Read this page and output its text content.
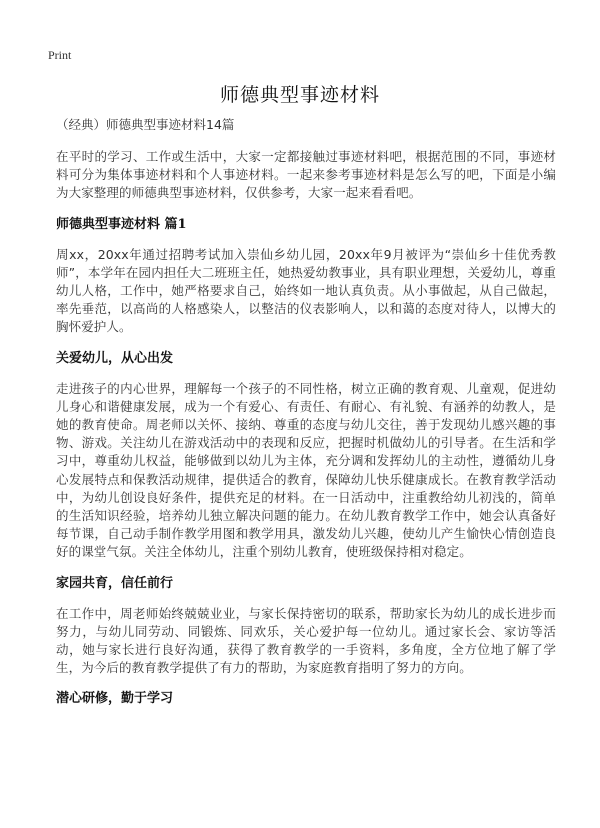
Print
师德典型事迹材料

（经典）师德典型事迹材料14篇

在平时的学习、工作或生活中，大家一定都接触过事迹材料吧，根据范围的不同，事迹材料可分为集体事迹材料和个人事迹材料。一起来参考事迹材料是怎么写的吧，下面是小编为大家整理的师德典型事迹材料，仅供参考，大家一起来看看吧。

师德典型事迹材料 篇1

周xx，20xx年通过招聘考试加入崇仙乡幼儿园，20xx年9月被评为“崇仙乡十佳优秀教师”，本学年在园内担任大二班班主任，她热爱幼教事业，具有职业理想，关爱幼儿，尊重幼儿人格，工作中，她严格要求自己，始终如一地认真负责。从小事做起，从自己做起，率先垂范，以高尚的人格感染人，以整洁的仪表影响人，以和蔼的态度对待人，以博大的胸怀爱护人。

关爱幼儿，从心出发

走进孩子的内心世界，理解每一个孩子的不同性格，树立正确的教育观、儿童观，促进幼儿身心和谐健康发展，成为一个有爱心、有责任、有耐心、有礼貌、有涵养的幼教人，是她的教育使命。周老师以关怀、接纳、尊重的态度与幼儿交往，善于发现幼儿感兴趣的事物、游戏。关注幼儿在游戏活动中的表现和反应，把握时机做幼儿的引导者。在生活和学习中，尊重幼儿权益，能够做到以幼儿为主体，充分调和发挥幼儿的主动性，遵循幼儿身心发展特点和保教活动规律，提供适合的教育，保障幼儿快乐健康成长。在教育教学活动中，为幼儿创设良好条件，提供充足的材料。在一日活动中，注重教给幼儿初浅的，简单的生活知识经验，培养幼儿独立解决问题的能力。在幼儿教育教学工作中，她会认真备好每节课，自己动手制作教学用图和教学用具，激发幼儿兴趣，使幼儿产生愉快心情创造良好的课堂气氛。关注全体幼儿，注重个别幼儿教育，使班级保持相对稳定。

家园共育，信任前行

在工作中，周老师始终兢兢业业，与家长保持密切的联系，帮助家长为幼儿的成长进步而努力，与幼儿同劳动、同锻炼、同欢乐，关心爱护每一位幼儿。通过家长会、家访等活动，她与家长进行良好沟通，获得了教育教学的一手资料，多角度，全方位地了解了学生，为今后的教育教学提供了有力的帮助，为家庭教育指明了努力的方向。

潜心研修，勤于学习
